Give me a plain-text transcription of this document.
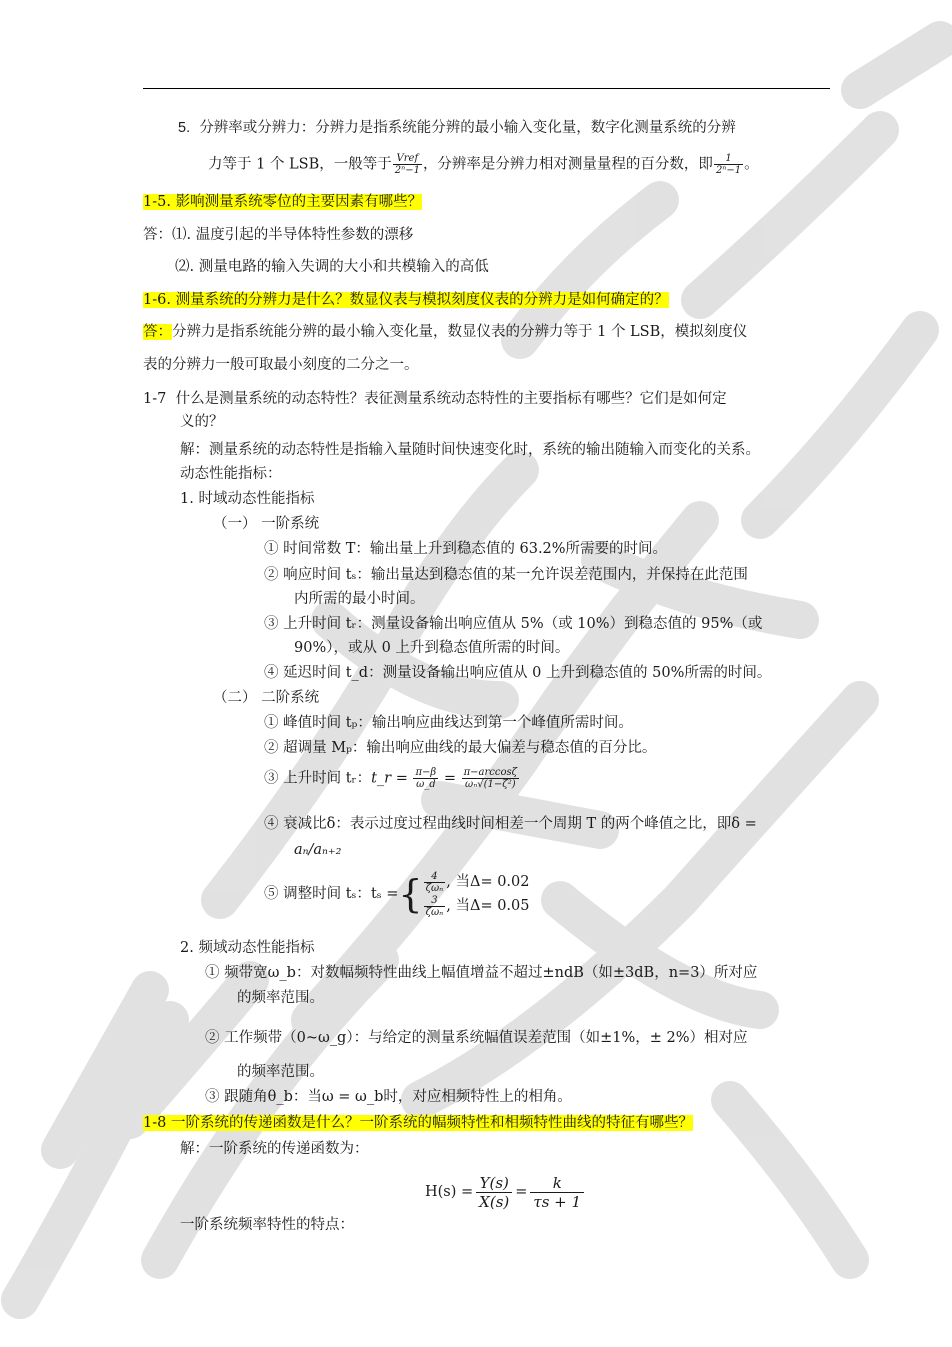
5. 分辨率或分辨力：分辨力是指系统能分辨的最小输入变化量，数字化测量系统的分辨
力等于 1 个 LSB，一般等于 $\frac{\text{Vref}}{\text{2ⁿ−1}}$ ，分辨率是分辨力相对测量量程的百分数，即 $\frac{1}{\text{2ⁿ−1}}$ 。
1-5. 影响测量系统零位的主要因素有哪些？
答：⑴. 温度引起的半导体特性参数的漂移
⑵. 测量电路的输入失调的大小和共模输入的高低
1-6. 测量系统的分辨力是什么？数显仪表与模拟刻度仪表的分辨力是如何确定的？
答：分辨力是指系统能分辨的最小输入变化量，数显仪表的分辨力等于 1 个 LSB，模拟刻度仪
表的分辨力一般可取最小刻度的二分之一。
1-7 什么是测量系统的动态特性？表征测量系统动态特性的主要指标有哪些？它们是如何定
义的？
解：测量系统的动态特性是指输入量随时间快速变化时，系统的输出随输入而变化的关系。
动态性能指标：
1. 时域动态性能指标
（一） 一阶系统
① 时间常数 T：输出量上升到稳态值的 63.2%所需要的时间。
② 响应时间 tₛ：输出量达到稳态值的某一允许误差范围内，并保持在此范围
内所需的最小时间。
③ 上升时间 tᵣ：测量设备输出响应值从 5%（或 10%）到稳态值的 95%（或
90%），或从 0 上升到稳态值所需的时间。
④ 延迟时间 t_d：测量设备输出响应值从 0 上升到稳态值的 50%所需的时间。
（二） 二阶系统
① 峰值时间 tₚ：输出响应曲线达到第一个峰值所需时间。
② 超调量 Mₚ：输出响应曲线的最大偏差与稳态值的百分比。
③ 上升时间 tᵣ：t_r = $\frac{\pi-\beta}{\omega\_d} = \frac{\pi-\arccos\zeta}{\text{ωₙ√(1−ζ²)}}$
④ 衰减比δ：表示过度过程曲线时间相差一个周期 T 的两个峰值之比，即δ =
aₙ/aₙ₊₂
⑤ 调整时间 tₛ：tₛ ={ $\frac{4}{\text{ζωₙ}}$ , 当Δ= 0.02
$\frac{3}{\text{ζωₙ}}$ , 当Δ= 0.05
2. 频域动态性能指标
① 频带宽ω_b：对数幅频特性曲线上幅值增益不超过±ndB（如±3dB，n=3）所对应
的频率范围。
② 工作频带（0~ω_g）：与给定的测量系统幅值误差范围（如±1%，± 2%）相对应
的频率范围。
③ 跟随角θ_b：当ω = ω_b时，对应相频特性上的相角。
1-8 一阶系统的传递函数是什么？一阶系统的幅频特性和相频特性曲线的特征有哪些？
解：一阶系统的传递函数为：
$H(s) = \frac{Y(s)}{X(s)} = \frac{k}{\tau s + 1}$
一阶系统频率特性的特点：
